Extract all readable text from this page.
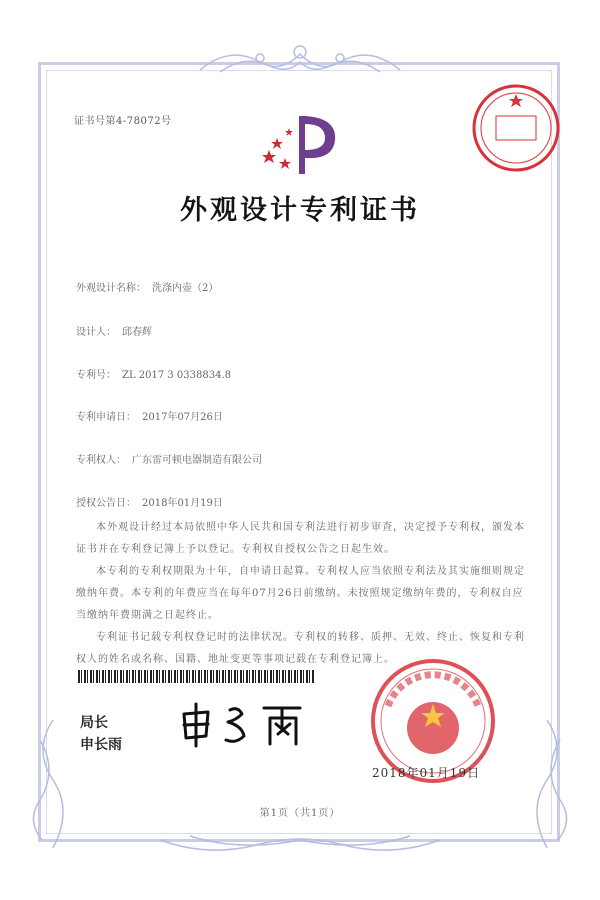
证书号第4-78072号
外观设计专利证书
外观设计名称： 洗涤内壶（2）
设计人： 邱春辉
专利号： ZL 2017 3 0338834.8
专利申请日： 2017年07月26日
专利权人： 广东雷可顿电器制造有限公司
授权公告日： 2018年01月19日

本外观设计经过本局依照中华人民共和国专利法进行初步审查，决定授予专利权，颁发本证书并在专利登记簿上予以登记。专利权自授权公告之日起生效。

本专利的专利权期限为十年，自申请日起算。专利权人应当依照专利法及其实施细则规定缴纳年费。本专利的年费应当在每年07月26日前缴纳。未按照规定缴纳年费的，专利权自应当缴纳年费期满之日起终止。

专利证书记载专利权登记时的法律状况。专利权的转移、质押、无效、终止、恢复和专利权人的姓名或名称、国籍、地址变更等事项记载在专利登记簿上。

局长
申长雨
2018年01月19日
第1页（共1页）
